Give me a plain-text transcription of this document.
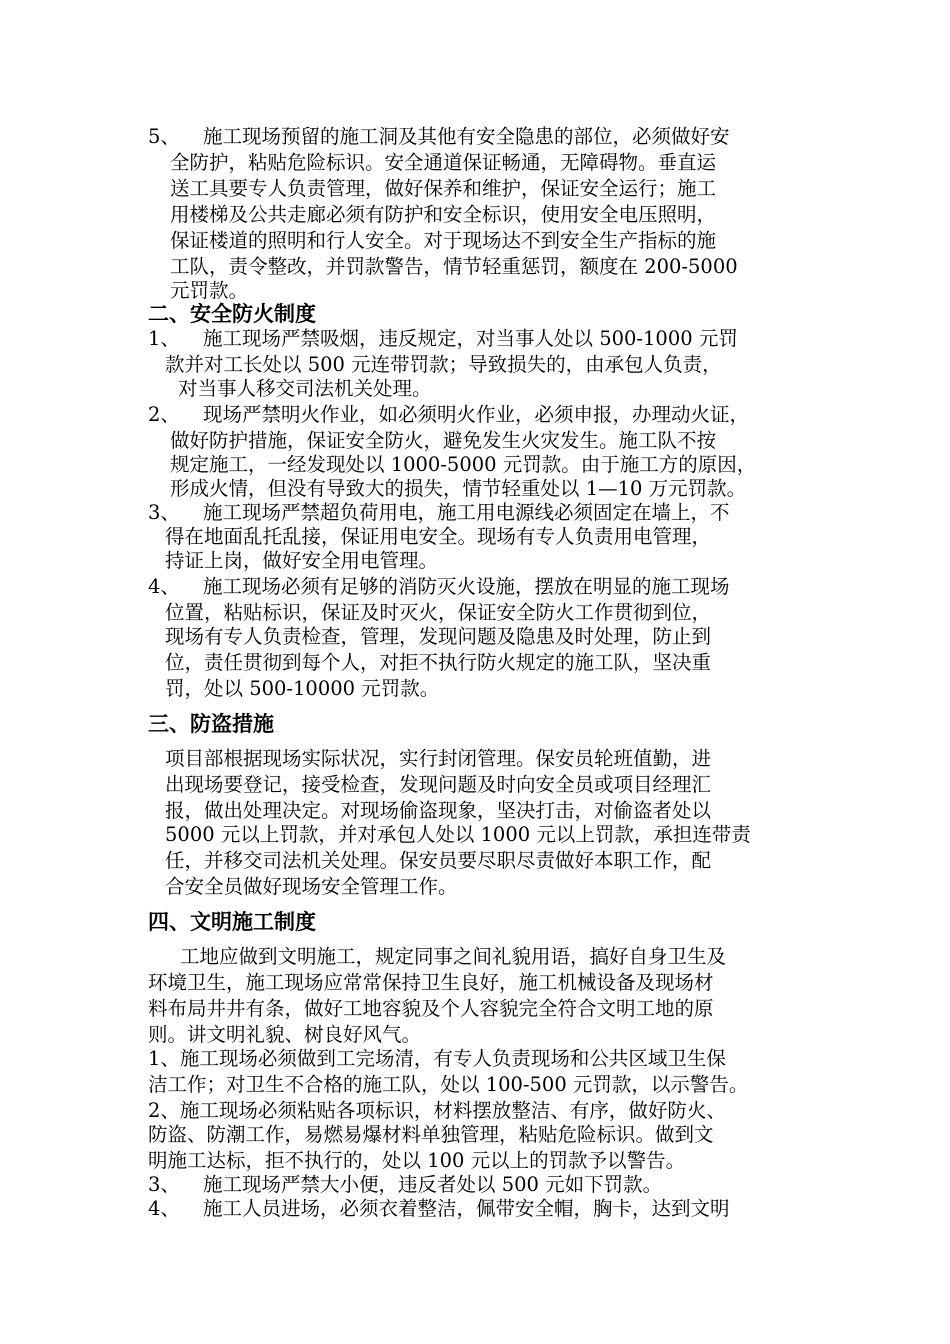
5、 施工现场预留的施工洞及其他有安全隐患的部位，必须做好安
全防护，粘贴危险标识。安全通道保证畅通，无障碍物。垂直运
送工具要专人负责管理，做好保养和维护，保证安全运行；施工
用楼梯及公共走廊必须有防护和安全标识，使用安全电压照明，
保证楼道的照明和行人安全。对于现场达不到安全生产指标的施
工队，责令整改，并罚款警告，情节轻重惩罚，额度在 200-5000
元罚款。
二、安全防火制度
1、 施工现场严禁吸烟，违反规定，对当事人处以 500-1000 元罚
款并对工长处以 500 元连带罚款；导致损失的，由承包人负责，
对当事人移交司法机关处理。
2、 现场严禁明火作业，如必须明火作业，必须申报，办理动火证，
做好防护措施，保证安全防火，避免发生火灾发生。施工队不按
规定施工，一经发现处以 1000-5000 元罚款。由于施工方的原因，
形成火情，但没有导致大的损失，情节轻重处以 1—10 万元罚款。
3、 施工现场严禁超负荷用电，施工用电源线必须固定在墙上，不
得在地面乱托乱接，保证用电安全。现场有专人负责用电管理，
持证上岗，做好安全用电管理。
4、 施工现场必须有足够的消防灭火设施，摆放在明显的施工现场
位置，粘贴标识，保证及时灭火，保证安全防火工作贯彻到位，
现场有专人负责检查，管理，发现问题及隐患及时处理，防止到
位，责任贯彻到每个人，对拒不执行防火规定的施工队，坚决重
罚，处以 500-10000 元罚款。
三、防盗措施
项目部根据现场实际状况，实行封闭管理。保安员轮班值勤，进
出现场要登记，接受检查，发现问题及时向安全员或项目经理汇
报，做出处理决定。对现场偷盗现象，坚决打击，对偷盗者处以
5000 元以上罚款，并对承包人处以 1000 元以上罚款，承担连带责
任，并移交司法机关处理。保安员要尽职尽责做好本职工作，配
合安全员做好现场安全管理工作。
四、文明施工制度
工地应做到文明施工，规定同事之间礼貌用语，搞好自身卫生及
环境卫生，施工现场应常常保持卫生良好，施工机械设备及现场材
料布局井井有条，做好工地容貌及个人容貌完全符合文明工地的原
则。讲文明礼貌、树良好风气。
1、施工现场必须做到工完场清，有专人负责现场和公共区域卫生保
洁工作；对卫生不合格的施工队，处以 100-500 元罚款，以示警告。
2、施工现场必须粘贴各项标识，材料摆放整洁、有序，做好防火、
防盗、防潮工作，易燃易爆材料单独管理，粘贴危险标识。做到文
明施工达标，拒不执行的，处以 100 元以上的罚款予以警告。
3、 施工现场严禁大小便，违反者处以 500 元如下罚款。
4、 施工人员进场，必须衣着整洁，佩带安全帽，胸卡，达到文明
